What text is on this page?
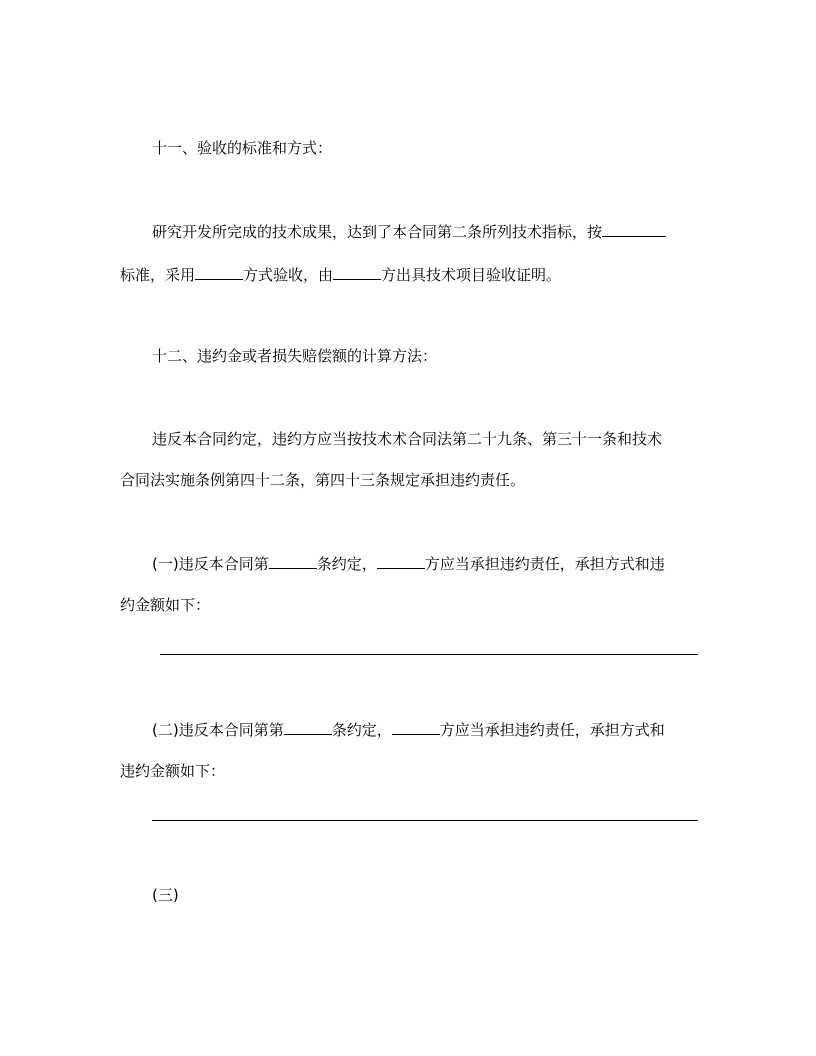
十一、验收的标准和方式：
研究开发所完成的技术成果，达到了本合同第二条所列技术指标，按
标准，采用	方式验收，由	方出具技术项目验收证明。
十二、违约金或者损失赔偿额的计算方法：
违反本合同约定，违约方应当按技术术合同法第二十九条、第三十一条和技术
合同法实施条例第四十二条，第四十三条规定承担违约责任。
(一)违反本合同第	条约定，	方应当承担违约责任，承担方式和违
约金额如下：
(二)违反本合同第第	条约定，	方应当承担违约责任，承担方式和
违约金额如下：
(三)
